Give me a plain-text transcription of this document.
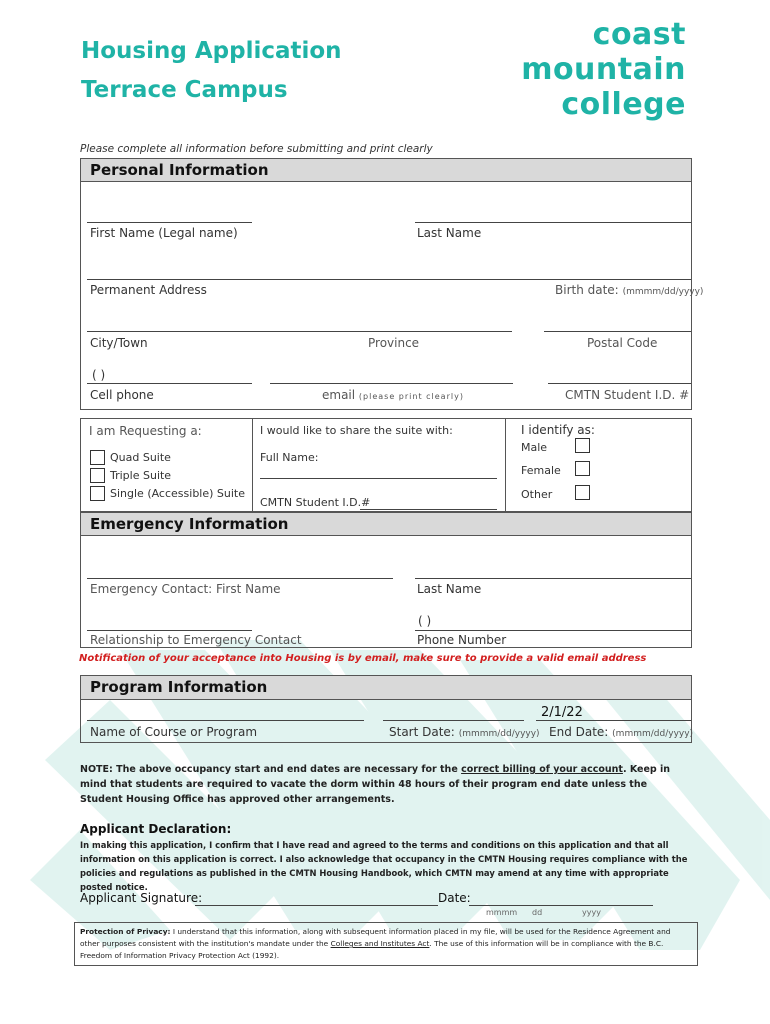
Housing Application
Terrace Campus
coast
mountain
college
Please complete all information before submitting and print clearly
Personal Information
First Name (Legal name)	Last Name
Permanent Address	Birth date: (mmmm/dd/yyyy)
City/Town	Province	Postal Code
( )
Cell phone	email (please print clearly)	CMTN Student I.D. #
I am Requesting a:
Quad Suite
Triple Suite
Single (Accessible) Suite
I would like to share the suite with:
Full Name:
CMTN Student I.D.#
I identify as:
Male
Female
Other
Emergency Information
Emergency Contact: First Name	Last Name
( )
Relationship to Emergency Contact	Phone Number
Notification of your acceptance into Housing is by email, make sure to provide a valid email address
Program Information
2/1/22
Name of Course or Program	Start Date: (mmmm/dd/yyyy) End Date: (mmmm/dd/yyyy)
NOTE: The above occupancy start and end dates are necessary for the correct billing of your account. Keep in mind that students are required to vacate the dorm within 48 hours of their program end date unless the Student Housing Office has approved other arrangements.
Applicant Declaration:
In making this application, I confirm that I have read and agreed to the terms and conditions on this application and that all information on this application is correct. I also acknowledge that occupancy in the CMTN Housing requires compliance with the policies and regulations as published in the CMTN Housing Handbook, which CMTN may amend at any time with appropriate posted notice.
Applicant Signature:	Date:
mmmm dd	yyyy
Protection of Privacy: I understand that this information, along with subsequent information placed in my file, will be used for the Residence Agreement and other purposes consistent with the institution's mandate under the Colleges and Institutes Act. The use of this information will be in compliance with the B.C. Freedom of Information Privacy Protection Act (1992).
